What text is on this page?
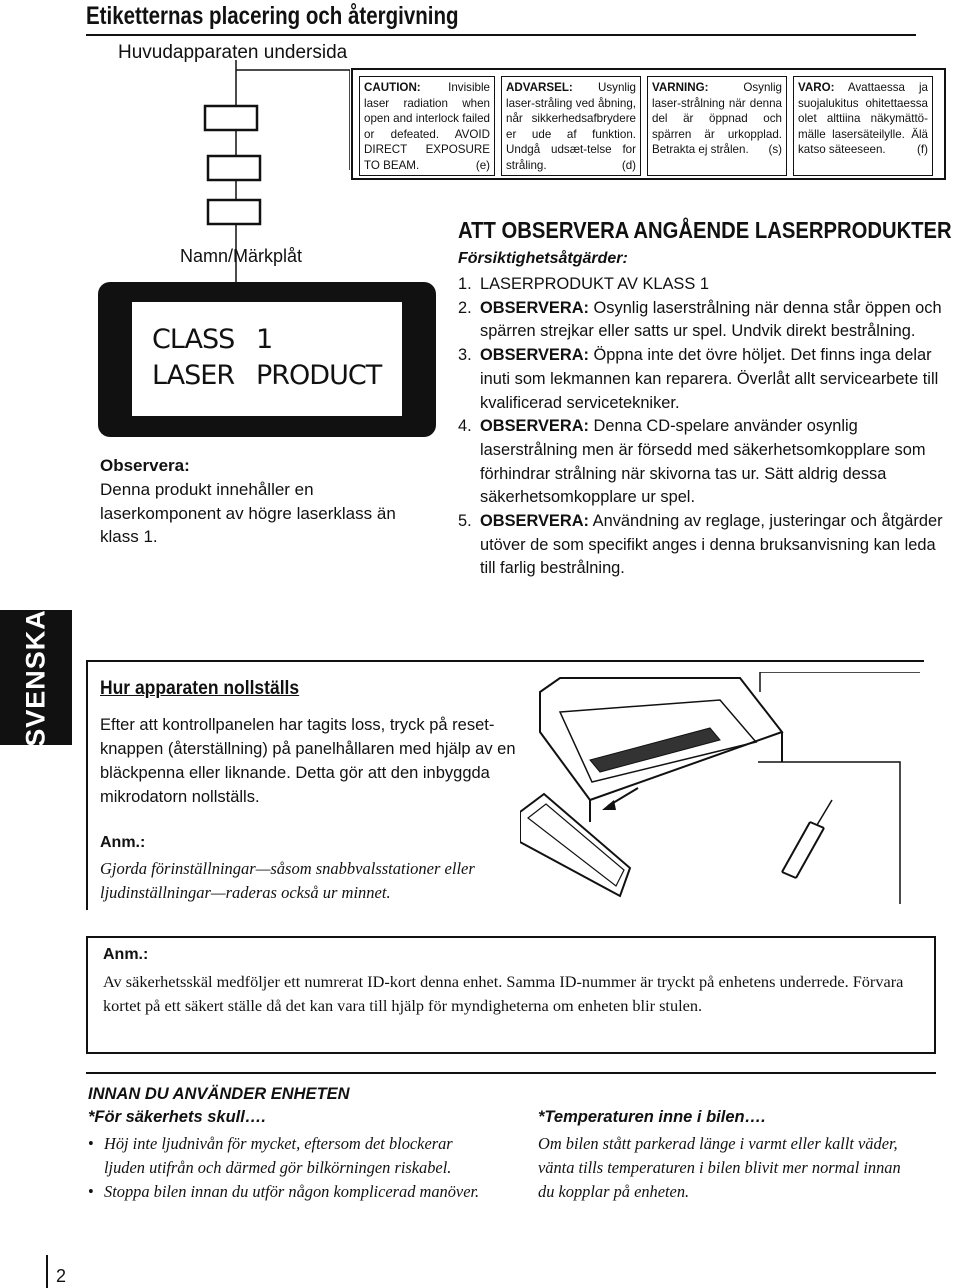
Etiketternas placering och återgivning
Huvudapparaten undersida
CAUTION: Invisible laser radiation when open and interlock failed or defeated. AVOID DIRECT EXPOSURE TO BEAM.	(e)
ADVARSEL: Usynlig laser-stråling ved åbning, når sikkerhedsafbrydere er ude af funktion. Undgå udsæt-telse for stråling.	(d)
VARNING:	Osynlig laser-strålning när denna del är öppnad och spärren är urkopplad. Betrakta ej strålen. (s)
VARO: Avattaessa ja suojalukitus ohitettaessa olet alttiina näkymättö-mälle lasersäteilylle. Älä katso säteeseen.	(f)
Namn/Märkplåt
CLASS 1
LASER PRODUCT
Observera:
Denna produkt innehåller en laserkomponent av högre laserklass än klass 1.
ATT OBSERVERA ANGÅENDE LASERPRODUKTER
Försiktighetsåtgärder:
1. LASERPRODUKT AV KLASS 1
2. OBSERVERA: Osynlig laserstrålning när denna står öppen och spärren strejkar eller satts ur spel. Undvik direkt bestrålning.
3. OBSERVERA: Öppna inte det övre höljet. Det finns inga delar inuti som lekmannen kan reparera. Överlåt allt servicearbete till kvalificerad servicetekniker.
4. OBSERVERA: Denna CD-spelare använder osynlig laserstrålning men är försedd med säkerhetsomkopplare som förhindrar strålning när skivorna tas ur. Sätt aldrig dessa säkerhetsomkopplare ur spel.
5. OBSERVERA: Användning av reglage, justeringar och åtgärder utöver de som specifikt anges i denna bruksanvisning kan leda till farlig bestrålning.
SVENSKA	Hur apparaten nollställs
Efter att kontrollpanelen har tagits loss, tryck på reset-knappen (återställning) på panelhållaren med hjälp av en bläckpenna eller liknande. Detta gör att den inbyggda mikrodatorn nollställs.
Anm.:
Gjorda förinställningar—såsom snabbvalsstationer eller ljudinställningar—raderas också ur minnet.
Anm.:
Av säkerhetsskäl medföljer ett numrerat ID-kort denna enhet. Samma ID-nummer är tryckt på enhetens underrede. Förvara kortet på ett säkert ställe då det kan vara till hjälp för myndigheterna om enheten blir stulen.
INNAN DU ANVÄNDER ENHETEN
*För säkerhets skull….
• Höj inte ljudnivån för mycket, eftersom det blockerar ljuden utifrån och därmed gör bilkörningen riskabel.
• Stoppa bilen innan du utför någon komplicerad manöver.
*Temperaturen inne i bilen….
Om bilen stått parkerad länge i varmt eller kallt väder, vänta tills temperaturen i bilen blivit mer normal innan du kopplar på enheten.
2
